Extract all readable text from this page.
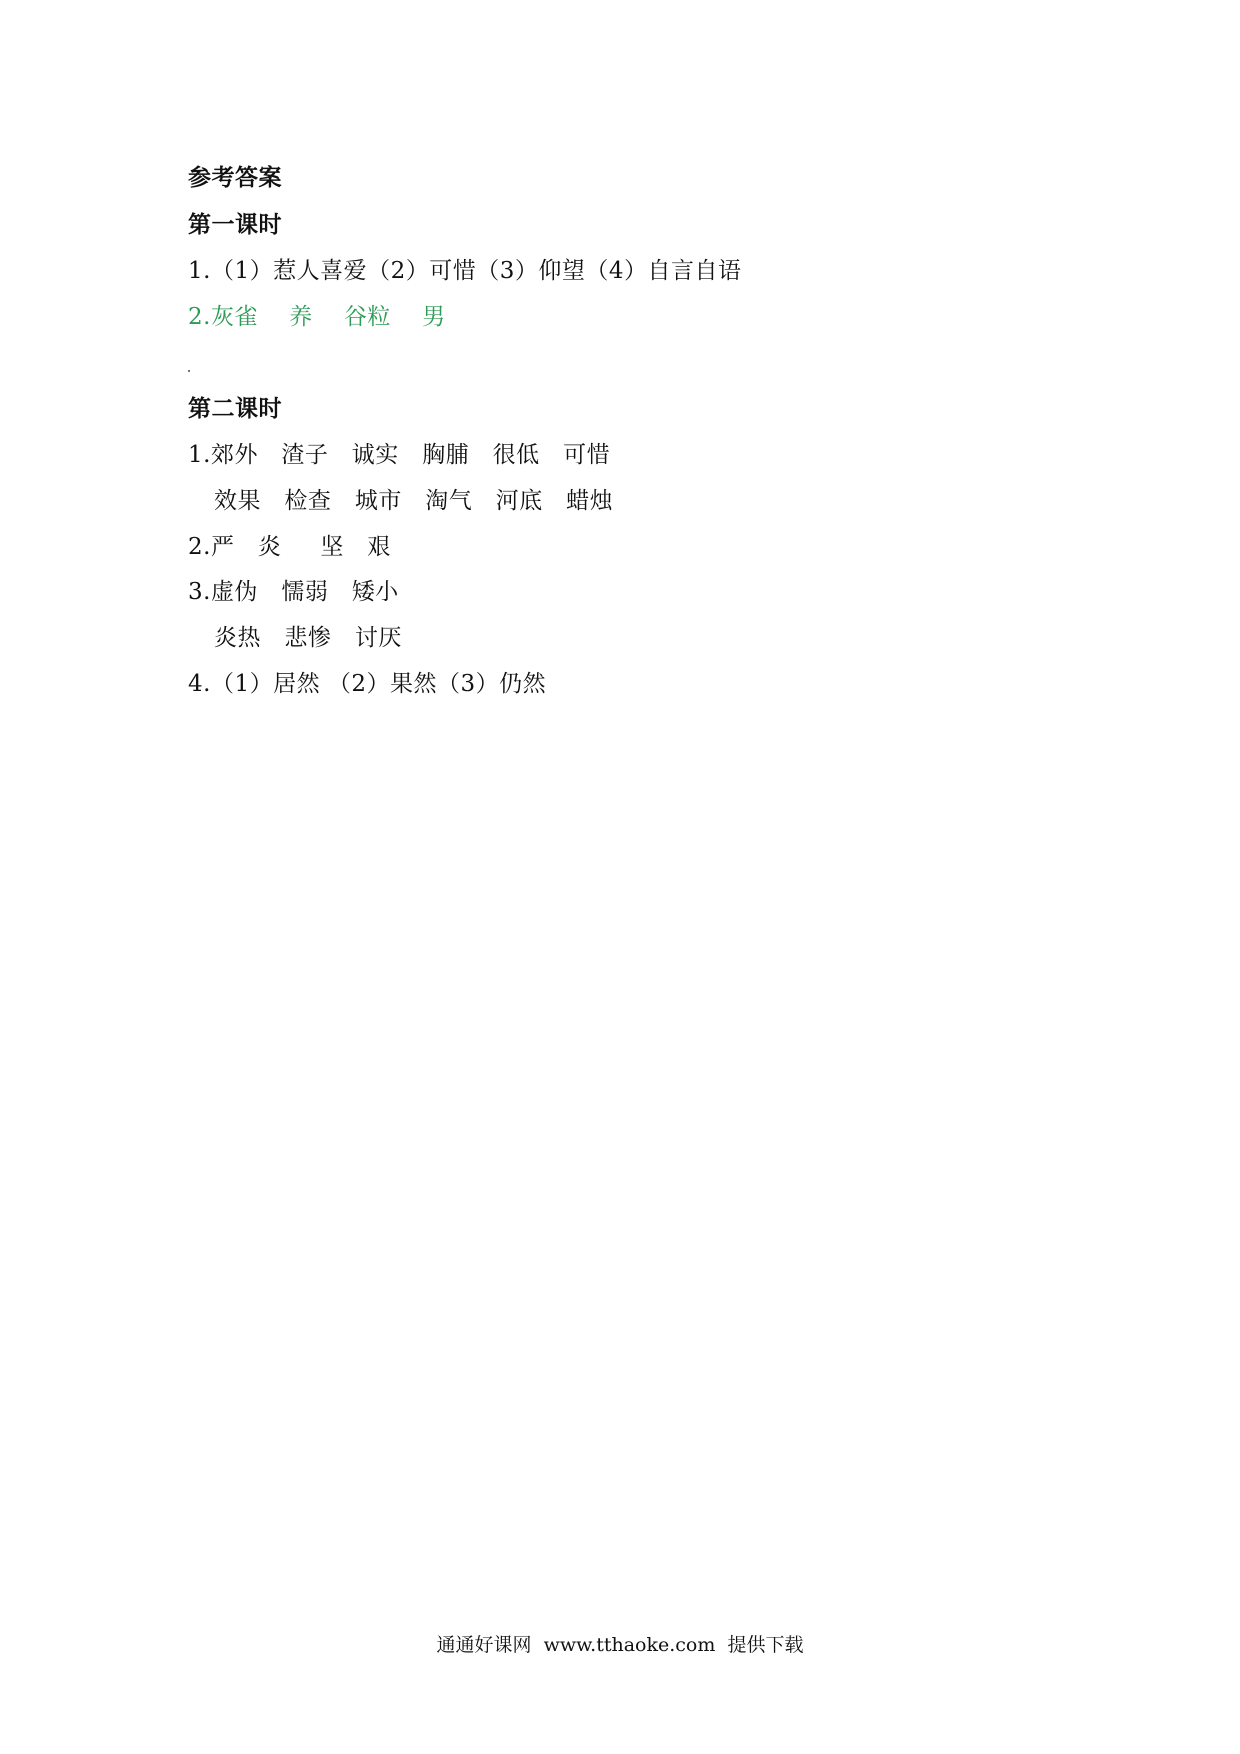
参考答案
第一课时
1.（1）惹人喜爱（2）可惜（3）仰望（4）自言自语
2.灰雀    养    谷粒    男
第二课时
1.郊外   渣子   诚实   胸脯   很低   可惜
效果   检查   城市   淘气   河底   蜡烛
2.严   炎     坚   艰
3.虚伪   懦弱   矮小
炎热   悲惨   讨厌
4.（1）居然 （2）果然（3）仍然
通通好课网  www.tthaoke.com  提供下载
